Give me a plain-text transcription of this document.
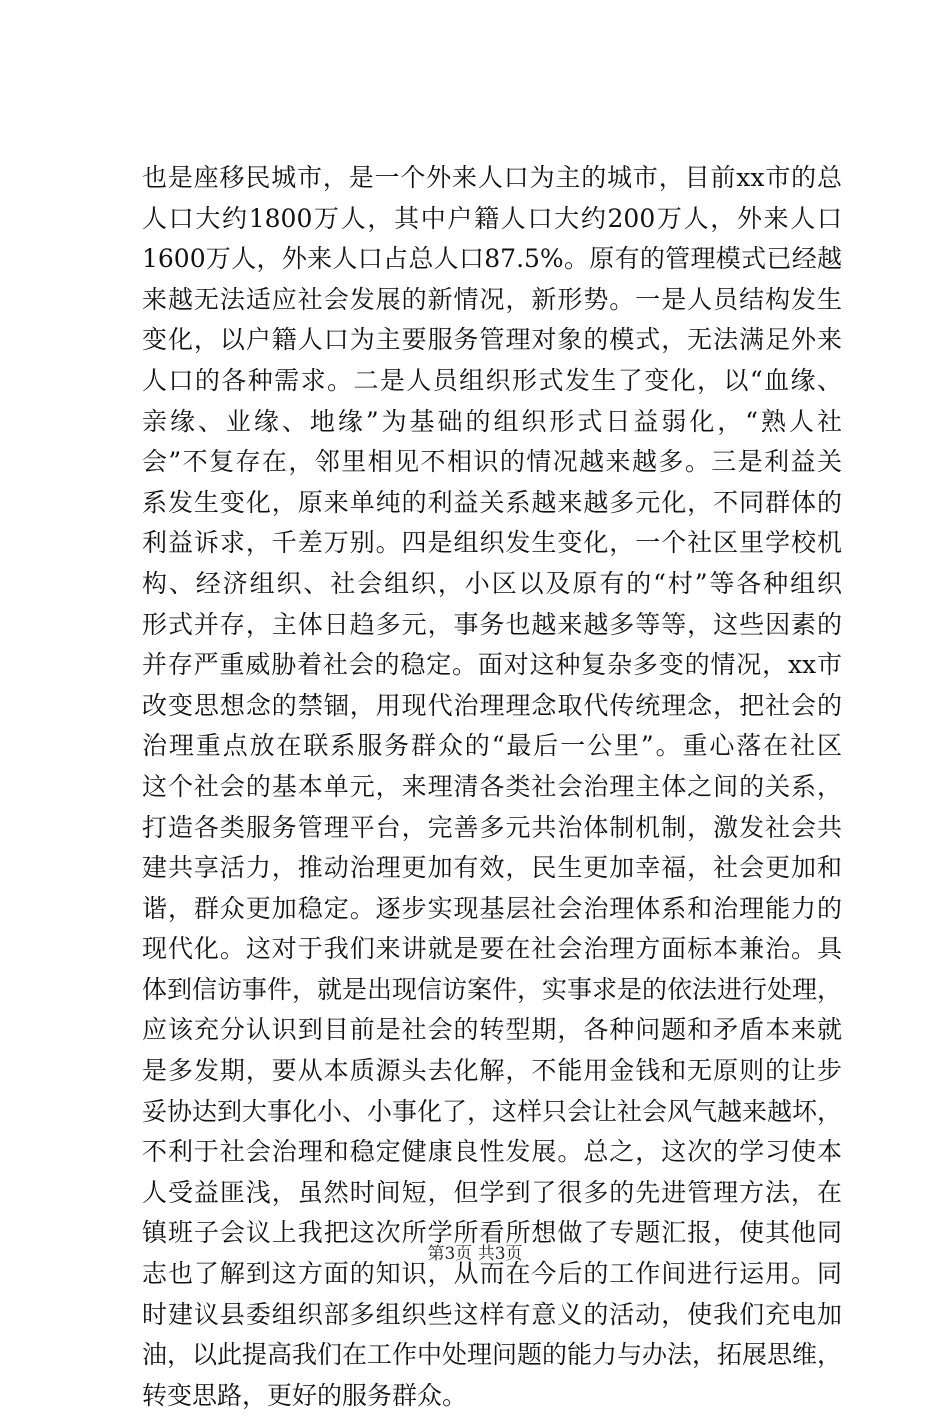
也是座移民城市，是一个外来人口为主的城市，目前xx市的总
人口大约1800万人，其中户籍人口大约200万人，外来人口
1600万人，外来人口占总人口87.5%。原有的管理模式已经越
来越无法适应社会发展的新情况，新形势。一是人员结构发生
变化，以户籍人口为主要服务管理对象的模式，无法满足外来
人口的各种需求。二是人员组织形式发生了变化，以“血缘、
亲缘、业缘、地缘”为基础的组织形式日益弱化，“熟人社
会”不复存在，邻里相见不相识的情况越来越多。三是利益关
系发生变化，原来单纯的利益关系越来越多元化，不同群体的
利益诉求，千差万别。四是组织发生变化，一个社区里学校机
构、经济组织、社会组织，小区以及原有的“村”等各种组织
形式并存，主体日趋多元，事务也越来越多等等，这些因素的
并存严重威胁着社会的稳定。面对这种复杂多变的情况，xx市
改变思想念的禁锢，用现代治理理念取代传统理念，把社会的
治理重点放在联系服务群众的“最后一公里”。重心落在社区
这个社会的基本单元，来理清各类社会治理主体之间的关系，
打造各类服务管理平台，完善多元共治体制机制，激发社会共
建共享活力，推动治理更加有效，民生更加幸福，社会更加和
谐，群众更加稳定。逐步实现基层社会治理体系和治理能力的
现代化。这对于我们来讲就是要在社会治理方面标本兼治。具
体到信访事件，就是出现信访案件，实事求是的依法进行处理，
应该充分认识到目前是社会的转型期，各种问题和矛盾本来就
是多发期，要从本质源头去化解，不能用金钱和无原则的让步
妥协达到大事化小、小事化了，这样只会让社会风气越来越坏，
不利于社会治理和稳定健康良性发展。总之，这次的学习使本
人受益匪浅，虽然时间短，但学到了很多的先进管理方法，在
镇班子会议上我把这次所学所看所想做了专题汇报，使其他同
志也了解到这方面的知识，从而在今后的工作间进行运用。同
时建议县委组织部多组织些这样有意义的活动，使我们充电加
油，以此提高我们在工作中处理问题的能力与办法，拓展思维，
转变思路，更好的服务群众。
第3页 共3页
